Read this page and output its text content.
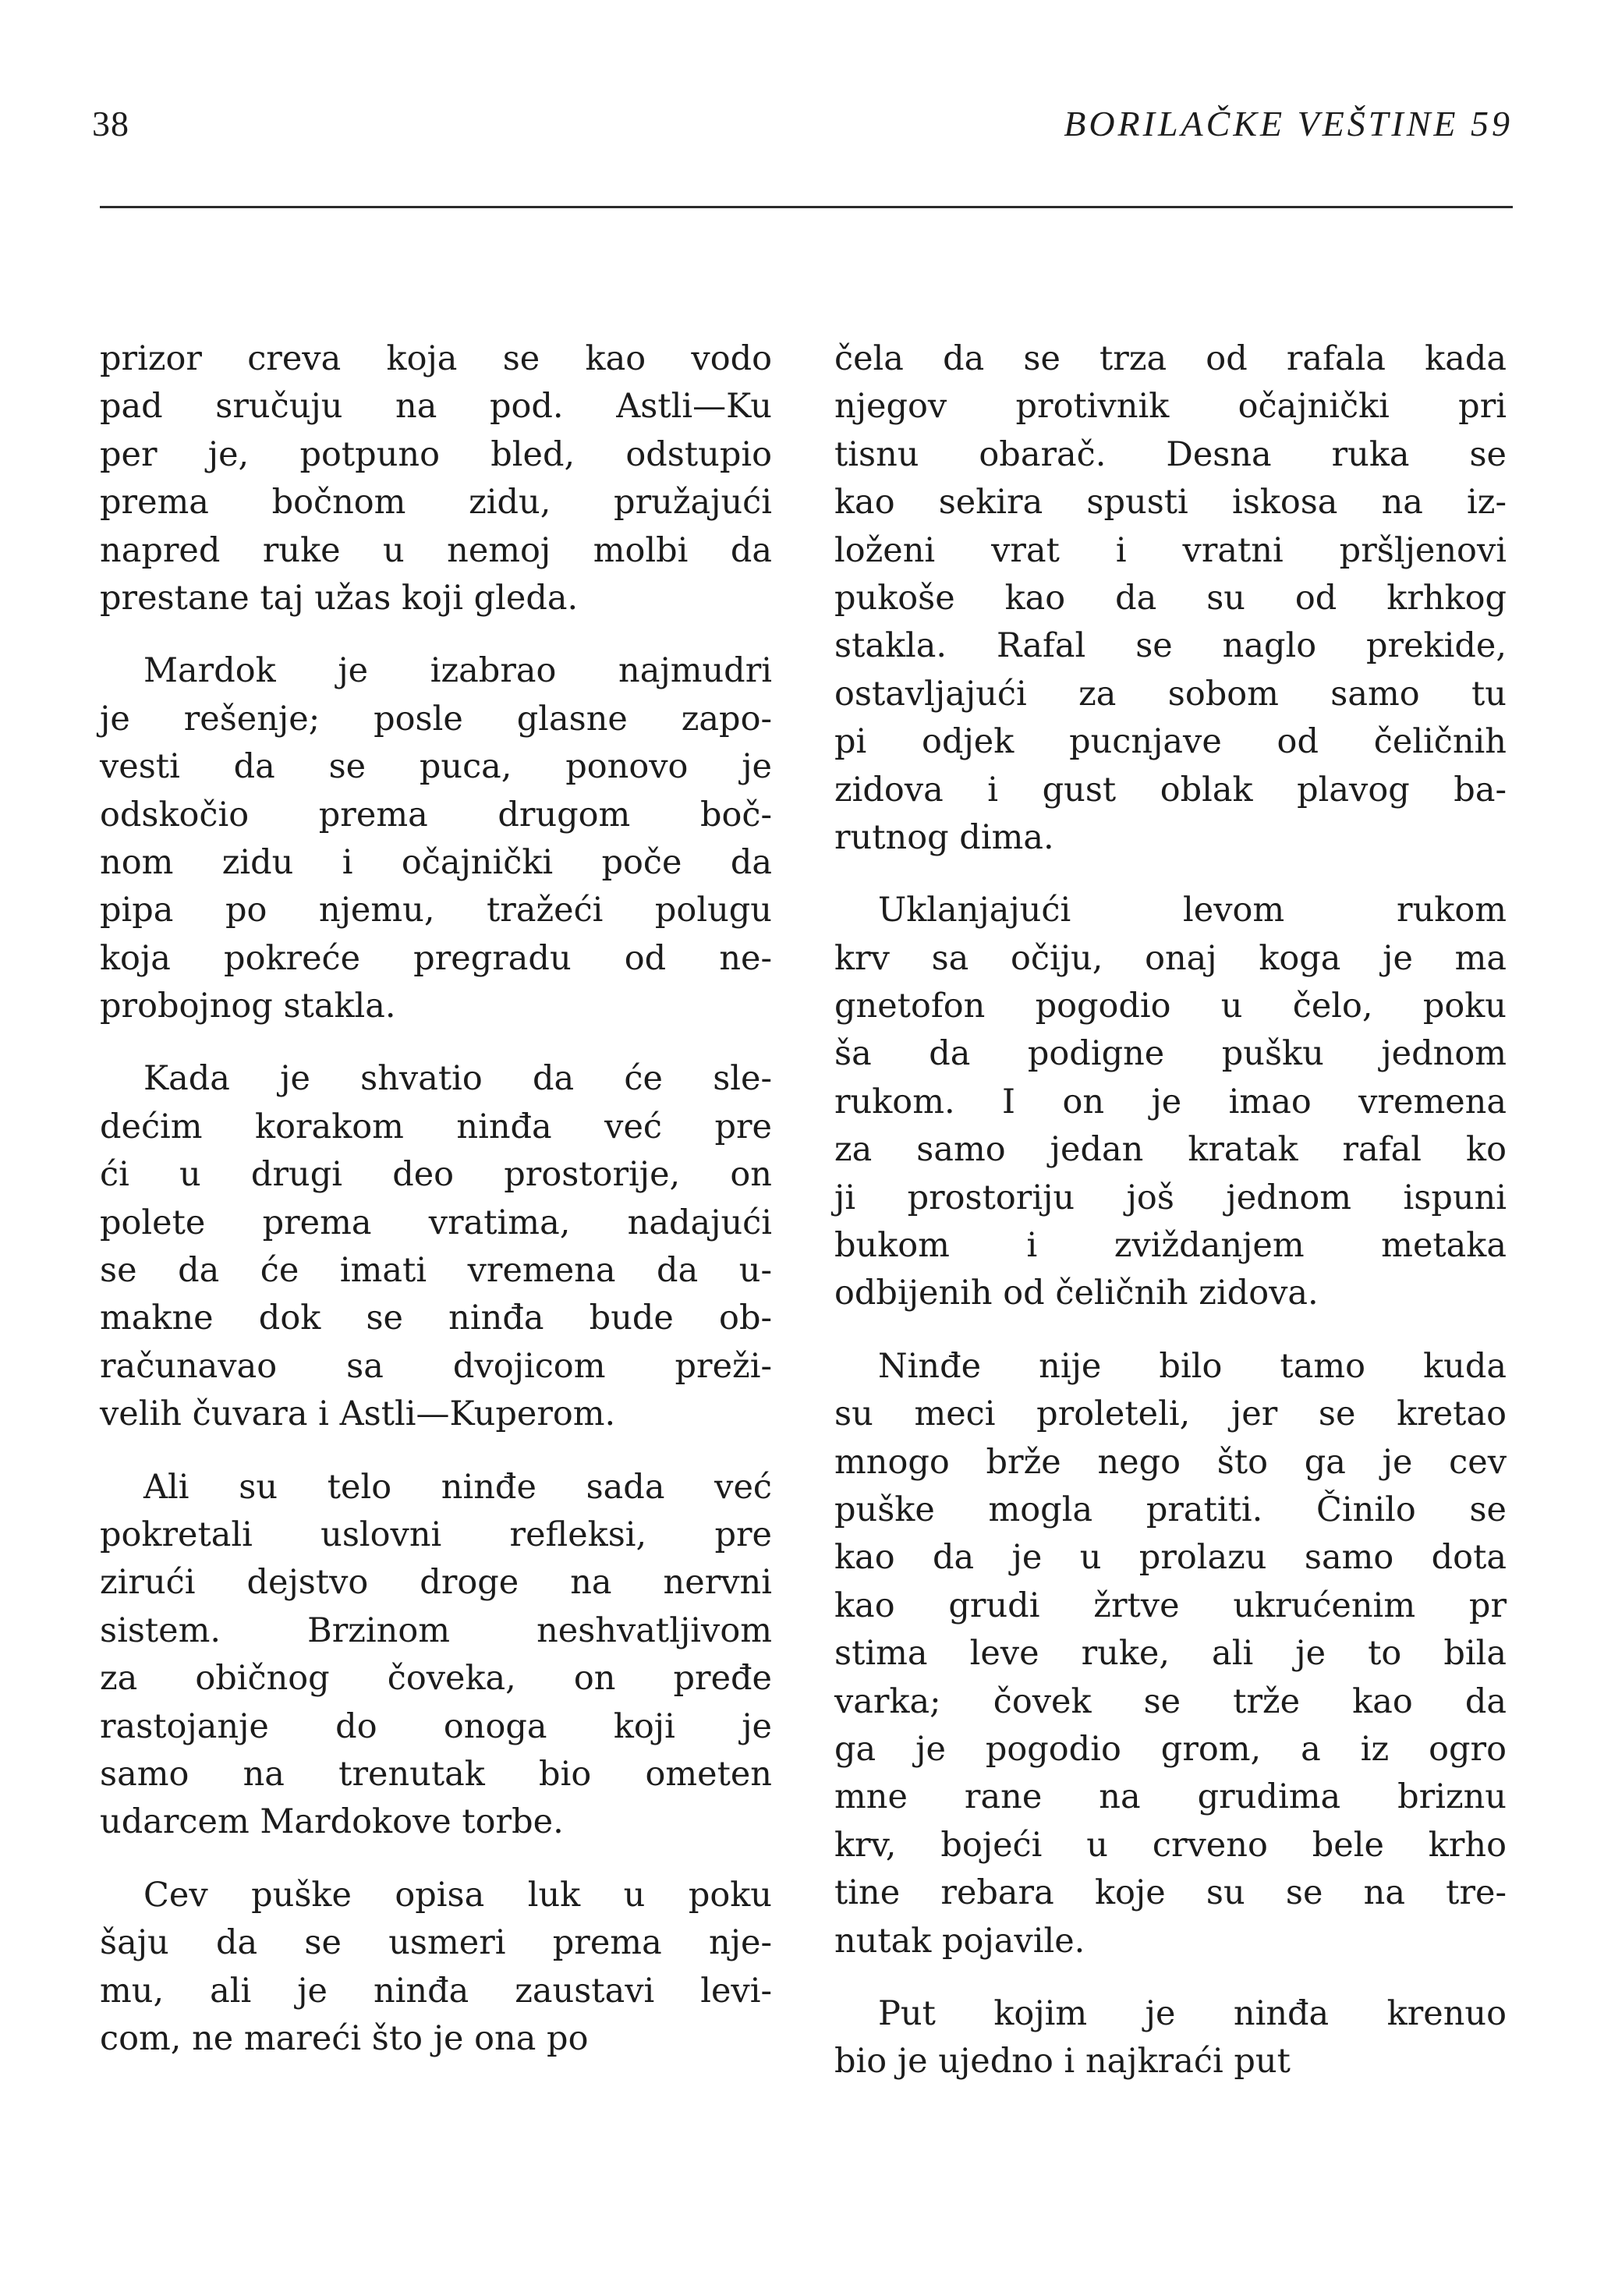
38	BORILAČKE VEŠTINE 59
prizor creva koja se kao vodo
pad sručuju na pod. Astli—Ku
per je, potpuno bled, odstupio
prema bočnom zidu, pružajući
napred ruke u nemoj molbi da
prestane taj užas koji gleda.
Mardok je izabrao najmudri
je rešenje; posle glasne zapo-
vesti da se puca, ponovo je
odskočio prema drugom boč-
nom zidu i očajnički poče da
pipa po njemu, tražeći polugu
koja pokreće pregradu od ne-
probojnog stakla.
Kada je shvatio da će sle-
dećim korakom ninđa već pre
ći u drugi deo prostorije, on
polete prema vratima, nadajući
se da će imati vremena da u-
makne dok se ninđa bude ob-
računavao sa dvojicom preži-
velih čuvara i Astli—Kuperom.
Ali su telo ninđe sada već
pokretali uslovni refleksi, pre
zirući dejstvo droge na nervni
sistem. Brzinom neshvatljivom
za običnog čoveka, on pređe
rastojanje do onoga koji je
samo na trenutak bio ometen
udarcem Mardokove torbe.
Cev puške opisa luk u poku
šaju da se usmeri prema nje-
mu, ali je ninđa zaustavi levi-
com, ne mareći što je ona po
čela da se trza od rafala kada
njegov protivnik očajnički pri
tisnu obarač. Desna ruka se
kao sekira spusti iskosa na iz-
loženi vrat i vratni pršljenovi
pukoše kao da su od krhkog
stakla. Rafal se naglo prekide,
ostavljajući za sobom samo tu
pi odjek pucnjave od čeličnih
zidova i gust oblak plavog ba-
rutnog dima.
Uklanjajući levom rukom
krv sa očiju, onaj koga je ma
gnetofon pogodio u čelo, poku
ša da podigne pušku jednom
rukom. I on je imao vremena
za samo jedan kratak rafal ko
ji prostoriju još jednom ispuni
bukom i zviždanjem metaka
odbijenih od čeličnih zidova.
Ninđe nije bilo tamo kuda
su meci proleteli, jer se kretao
mnogo brže nego što ga je cev
puške mogla pratiti. Činilo se
kao da je u prolazu samo dota
kao grudi žrtve ukrućenim pr
stima leve ruke, ali je to bila
varka; čovek se trže kao da
ga je pogodio grom, a iz ogro
mne rane na grudima briznu
krv, bojeći u crveno bele krho
tine rebara koje su se na tre-
nutak pojavile.
Put kojim je ninđa krenuo
bio je ujedno i najkraći put
